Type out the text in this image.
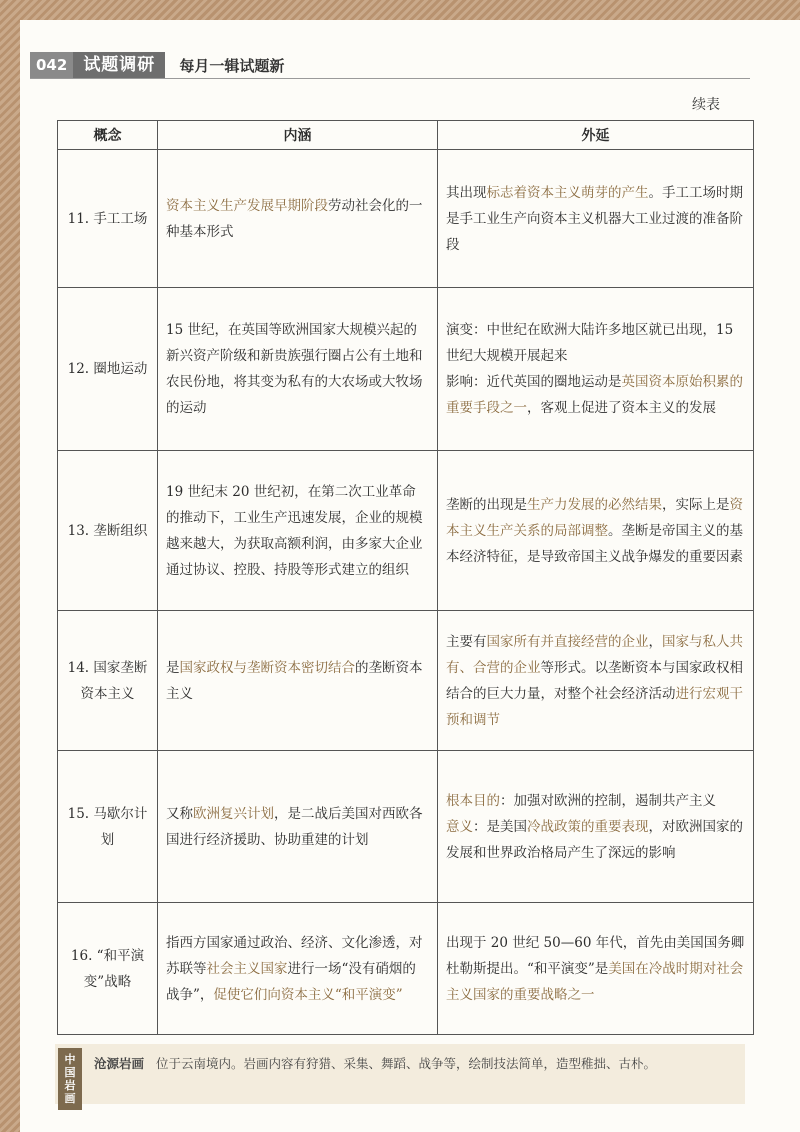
042 试题调研	每月一辑试题新
续表
概念	内涵	外延
11. 手工工场	资本主义生产发展早期阶段劳动社会化的一种基本形式	其出现标志着资本主义萌芽的产生。手工工场时期是手工业生产向资本主义机器大工业过渡的准备阶段

12. 圈地运动	15 世纪，在英国等欧洲国家大规模兴起的新兴资产阶级和新贵族强行圈占公有土地和农民份地，将其变为私有的大农场或大牧场的运动	演变：中世纪在欧洲大陆许多地区就已出现，15 世纪大规模开展起来
影响：近代英国的圈地运动是英国资本原始积累的重要手段之一，客观上促进了资本主义的发展

13. 垄断组织	19 世纪末 20 世纪初，在第二次工业革命的推动下，工业生产迅速发展，企业的规模越来越大，为获取高额利润，由多家大企业通过协议、控股、持股等形式建立的组织	垄断的出现是生产力发展的必然结果，实际上是资本主义生产关系的局部调整。垄断是帝国主义的基本经济特征，是导致帝国主义战争爆发的重要因素

14. 国家垄断资本主义	是国家政权与垄断资本密切结合的垄断资本主义	主要有国家所有并直接经营的企业，国家与私人共有、合营的企业等形式。以垄断资本与国家政权相结合的巨大力量，对整个社会经济活动进行宏观干预和调节

15. 马歇尔计划	又称欧洲复兴计划，是二战后美国对西欧各国进行经济援助、协助重建的计划	根本目的：加强对欧洲的控制，遏制共产主义
意义：是美国冷战政策的重要表现，对欧洲国家的发展和世界政治格局产生了深远的影响

16. “和平演变”战略	指西方国家通过政治、经济、文化渗透，对苏联等社会主义国家进行一场“没有硝烟的战争”，促使它们向资本主义“和平演变”	出现于 20 世纪 50—60 年代，首先由美国国务卿杜勒斯提出。“和平演变”是美国在冷战时期对社会主义国家的重要战略之一
中
国
岩
画
沧源岩画 位于云南境内。岩画内容有狩猎、采集、舞蹈、战争等，绘制技法简单，造型稚拙、古朴。
